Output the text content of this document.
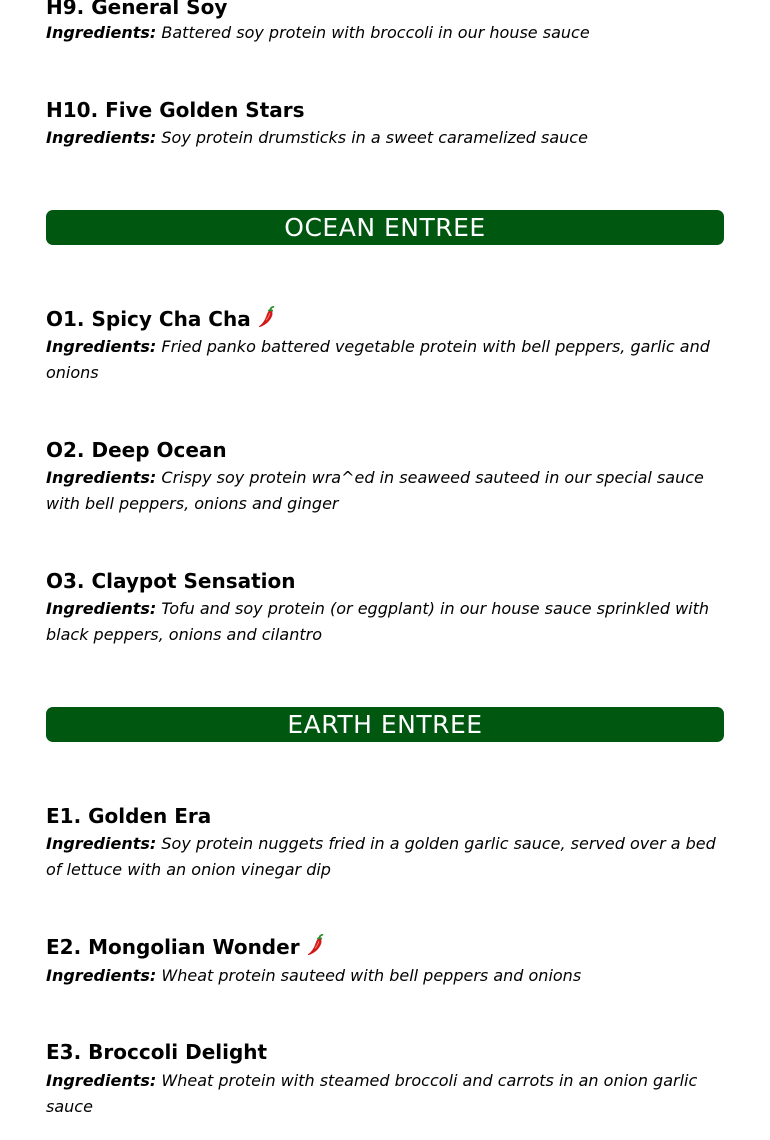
H9. General Soy

Ingredients: Battered soy protein with broccoli in our house sauce

H10. Five Golden Stars

Ingredients: Soy protein drumsticks in a sweet caramelized sauce

OCEAN ENTREE
O1. Spicy Cha Cha

Ingredients: Fried panko battered vegetable protein with bell peppers, garlic and onions

O2. Deep Ocean

Ingredients: Crispy soy protein wra^ed in seaweed sauteed in our special sauce with bell peppers, onions and ginger

O3. Claypot Sensation

Ingredients: Tofu and soy protein (or eggplant) in our house sauce sprinkled with black peppers, onions and cilantro

EARTH ENTREE
E1. Golden Era

Ingredients: Soy protein nuggets fried in a golden garlic sauce, served over a bed of lettuce with an onion vinegar dip

E2. Mongolian Wonder

Ingredients: Wheat protein sauteed with bell peppers and onions

E3. Broccoli Delight

Ingredients: Wheat protein with steamed broccoli and carrots in an onion garlic sauce
